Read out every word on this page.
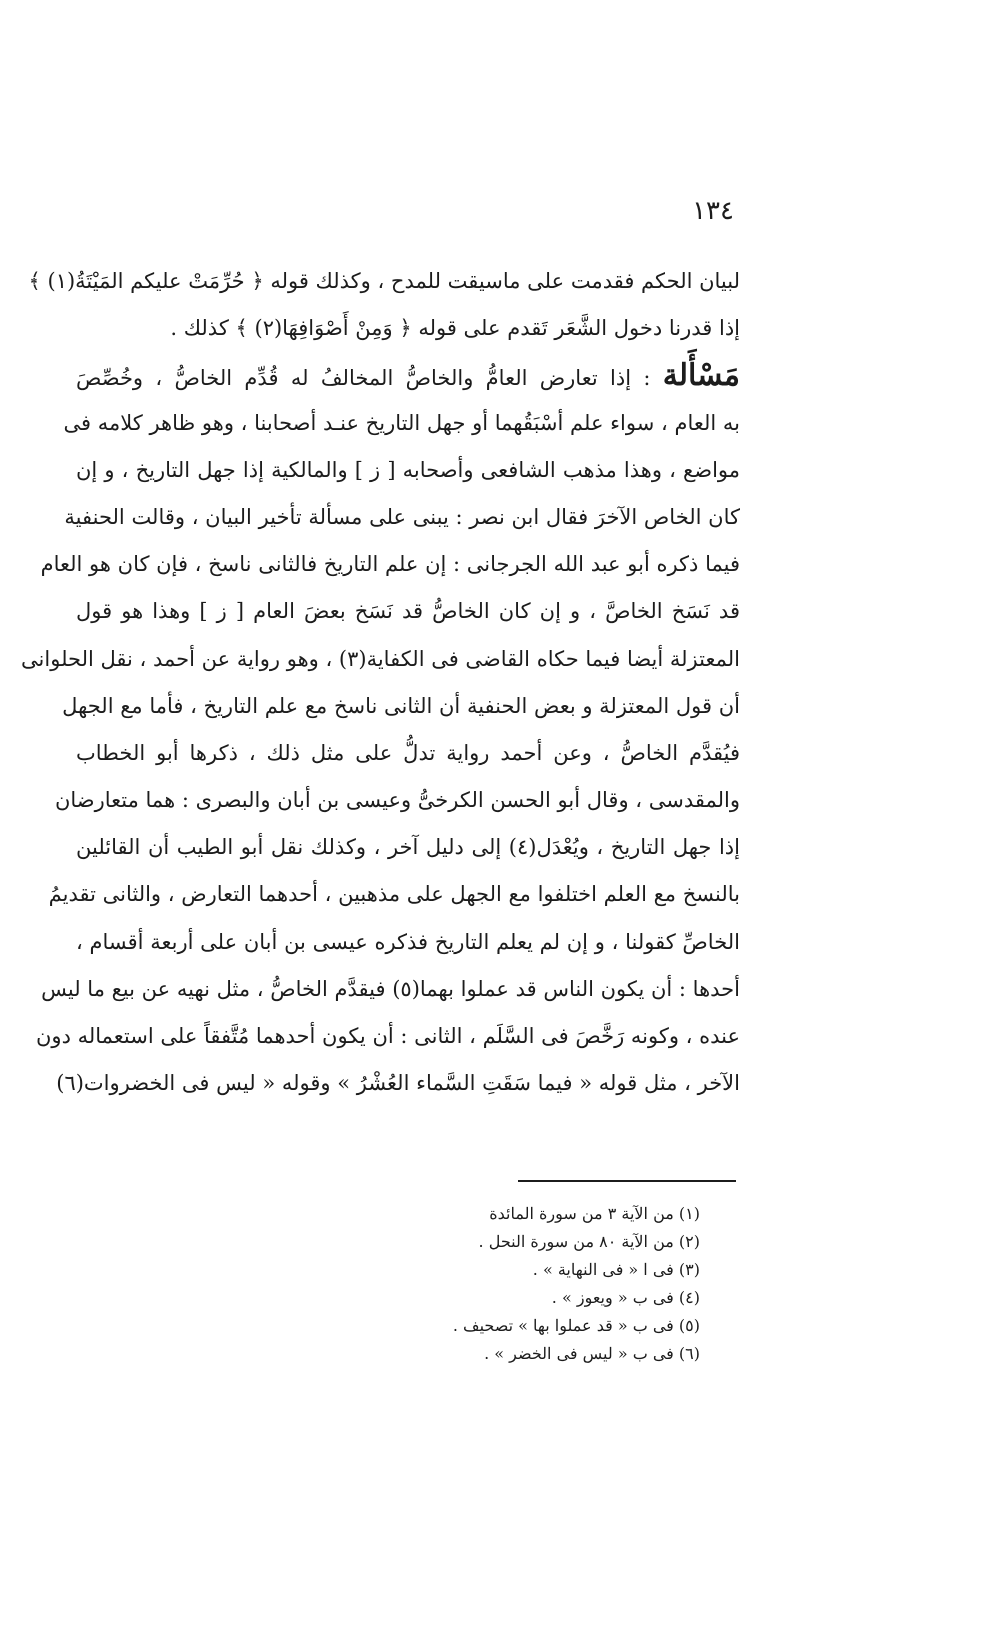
١٣٤
لبيان الحكم فقدمت على ماسيقت للمدح ، وكذلك قوله ﴿ حُرِّمَتْ عليكم المَيْتَةُ(١) ﴾
إذا قدرنا دخول الشَّعَر تَقدم على قوله ﴿ وَمِنْ أَصْوَافِهَا(٢) ﴾ كذلك .
مَسْأَلة : إذا تعارض العامُّ والخاصُّ المخالفُ له قُدِّم الخاصُّ ، وخُصِّصَ
به العام ، سواء علم أسْبَقُهما أو جهل التاريخ عنـد أصحابنا ، وهو ظاهر كلامه فى
مواضع ، وهذا مذهب الشافعى وأصحابه [ ز ] والمالكية إذا جهل التاريخ ، و إن
كان الخاص الآخرَ فقال ابن نصر : يبنى على مسألة تأخير البيان ، وقالت الحنفية
فيما ذكره أبو عبد الله الجرجانى : إن علم التاريخ فالثانى ناسخ ، فإن كان هو العام
قد نَسَخ الخاصَّ ، و إن كان الخاصُّ قد نَسَخ بعضَ العام [ ز ] وهذا هو قول
المعتزلة أيضا فيما حكاه القاضى فى الكفاية(٣) ، وهو رواية عن أحمد ، نقل الحلوانى
أن قول المعتزلة و بعض الحنفية أن الثانى ناسخ مع علم التاريخ ، فأما مع الجهل
فيُقدَّم الخاصُّ ، وعن أحمد رواية تدلُّ على مثل ذلك ، ذكرها أبو الخطاب
والمقدسى ، وقال أبو الحسن الكرخىُّ وعيسى بن أبان والبصرى : هما متعارضان
إذا جهل التاريخ ، ويُعْدَل(٤) إلى دليل آخر ، وكذلك نقل أبو الطيب أن القائلين
بالنسخ مع العلم اختلفوا مع الجهل على مذهبين ، أحدهما التعارض ، والثانى تقديمُ
الخاصِّ كقولنا ، و إن لم يعلم التاريخ فذكره عيسى بن أبان على أربعة أقسام ،
أحدها : أن يكون الناس قد عملوا بهما(٥) فيقدَّم الخاصُّ ، مثل نهيه عن بيع ما ليس
عنده ، وكونه رَخَّصَ فى السَّلَم ، الثانى : أن يكون أحدهما مُتَّفقاً على استعماله دون
الآخر ، مثل قوله « فيما سَقَتِ السَّماء العُشْرُ » وقوله « ليس فى الخضروات(٦)
(١) من الآية ٣ من سورة المائدة
(٢) من الآية ٨٠ من سورة النحل .
(٣) فى ا « فى النهاية » .
(٤) فى ب « ويعوز » .
(٥) فى ب « قد عملوا بها » تصحيف .
(٦) فى ب « ليس فى الخضر » .
